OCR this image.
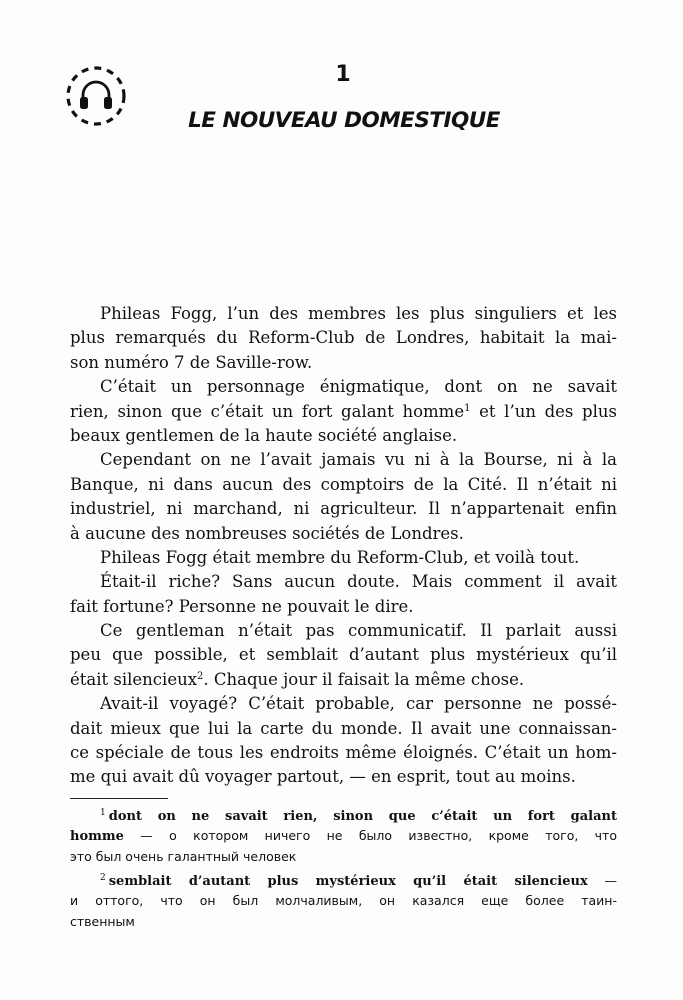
1
LE NOUVEAU DOMESTIQUE
Phileas Fogg, l’un des membres les plus singuliers et les
plus remarqués du Reform-Club de Londres, habitait la mai-
son numéro 7 de Saville-row.
C’était un personnage énigmatique, dont on ne savait
rien, sinon que c’était un fort galant homme$^1$ et l’un des plus
beaux gentlemen de la haute société anglaise.
Cependant on ne l’avait jamais vu ni à la Bourse, ni à la
Banque, ni dans aucun des comptoirs de la Cité. Il n’était ni
industriel, ni marchand, ni agriculteur. Il n’appartenait enfin
à aucune des nombreuses sociétés de Londres.
Phileas Fogg était membre du Reform-Club, et voilà tout.
Était-il riche? Sans aucun doute. Mais comment il avait
fait fortune? Personne ne pouvait le dire.
Ce gentleman n’était pas communicatif. Il parlait aussi
peu que possible, et semblait d’autant plus mystérieux qu’il
était silencieux$^2$. Chaque jour il faisait la même chose.
Avait-il voyagé? C’était probable, car personne ne possé-
dait mieux que lui la carte du monde. Il avait une connaissan-
ce spéciale de tous les endroits même éloignés. C’était un hom-
me qui avait dû voyager partout, — en esprit, tout au moins.
$^1$ dont on ne savait rien, sinon que c’était un fort galant
homme — о котором ничего не было известно, кроме того, что
это был очень галантный человек
$^2$ semblait d’autant plus mystérieux qu’il était silencieux —
и оттого, что он был молчаливым, он казался еще более таин-
ственным
